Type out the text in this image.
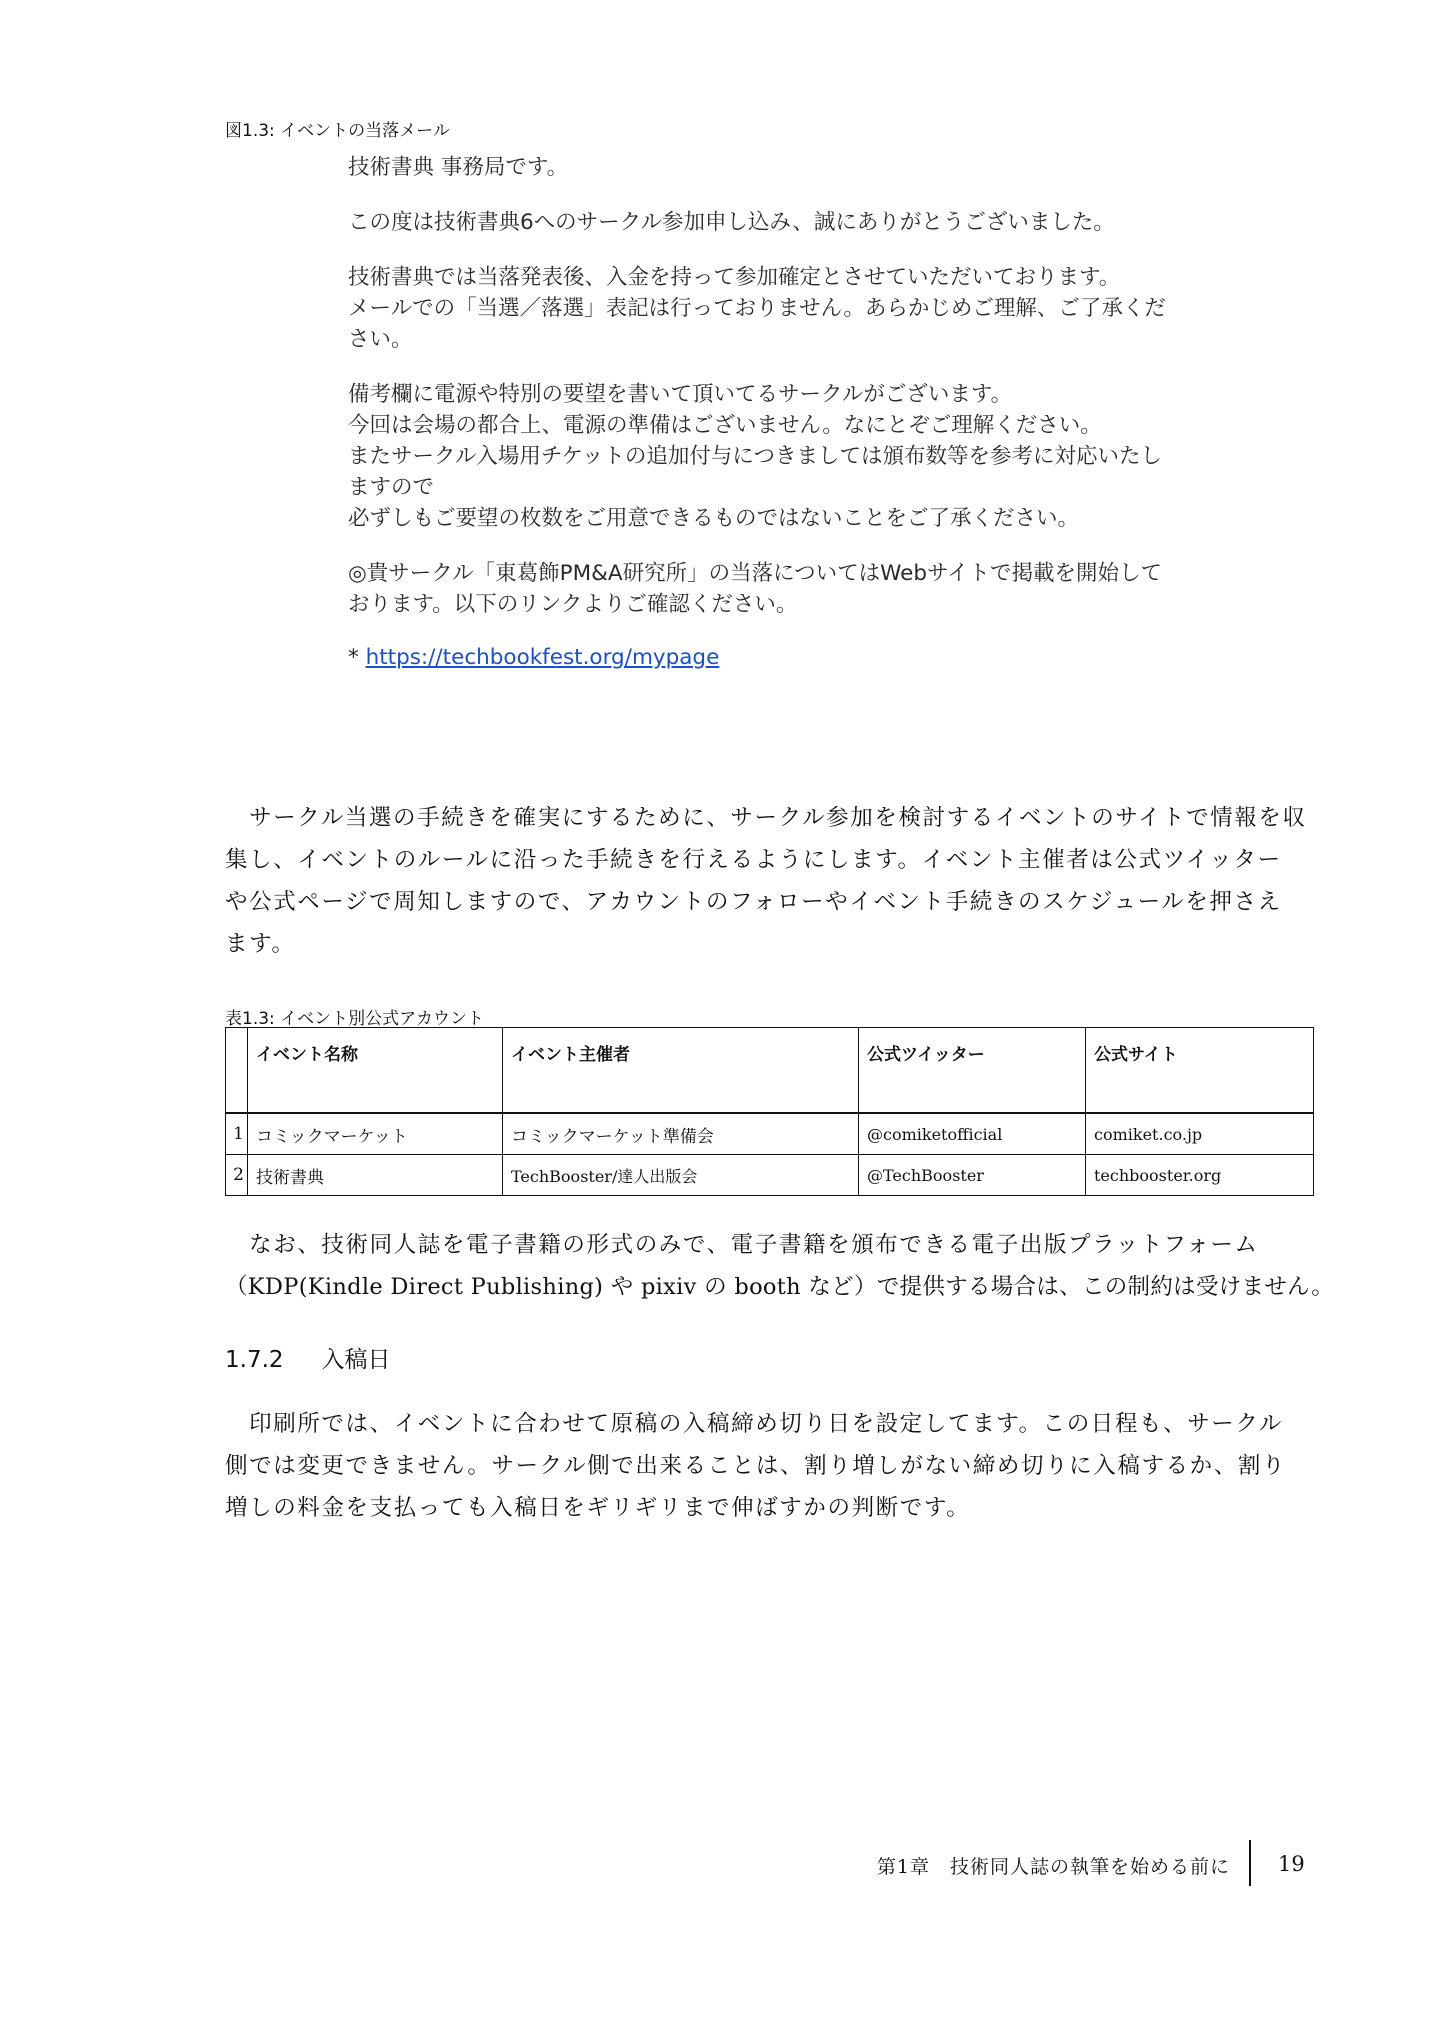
図1.3: イベントの当落メール

技術書典 事務局です。

この度は技術書典6へのサークル参加申し込み、誠にありがとうございました。

技術書典では当落発表後、入金を持って参加確定とさせていただいております。
メールでの「当選／落選」表記は行っておりません。あらかじめご理解、ご了承くだ
さい。

備考欄に電源や特別の要望を書いて頂いてるサークルがございます。
今回は会場の都合上、電源の準備はございません。なにとぞご理解ください。
またサークル入場用チケットの追加付与につきましては頒布数等を参考に対応いたし
ますので
必ずしもご要望の枚数をご用意できるものではないことをご了承ください。

◎貴サークル「東葛飾PM&A研究所」の当落についてはWebサイトで掲載を開始して
おります。以下のリンクよりご確認ください。

* https://techbookfest.org/mypage
　サークル当選の手続きを確実にするために、サークル参加を検討するイベントのサイトで情報を収
集し、イベントのルールに沿った手続きを行えるようにします。イベント主催者は公式ツイッター
や公式ページで周知しますので、アカウントのフォローやイベント手続きのスケジュールを押さえ
ます。
表1.3: イベント別公式アカウント
	イベント名称	イベント主催者	公式ツイッター	公式サイト
1	コミックマーケット	コミックマーケット準備会	@comiketofficial	comiket.co.jp
2	技術書典	TechBooster/達人出版会	@TechBooster	techbooster.org
　なお、技術同人誌を電子書籍の形式のみで、電子書籍を頒布できる電子出版プラットフォーム
（KDP(Kindle Direct Publishing) や pixiv の booth など）で提供する場合は、この制約は受けません。
1.7.2 入稿日
　印刷所では、イベントに合わせて原稿の入稿締め切り日を設定してます。この日程も、サークル
側では変更できません。サークル側で出来ることは、割り増しがない締め切りに入稿するか、割り
増しの料金を支払っても入稿日をギリギリまで伸ばすかの判断です。
第1章　技術同人誌の執筆を始める前に 19
